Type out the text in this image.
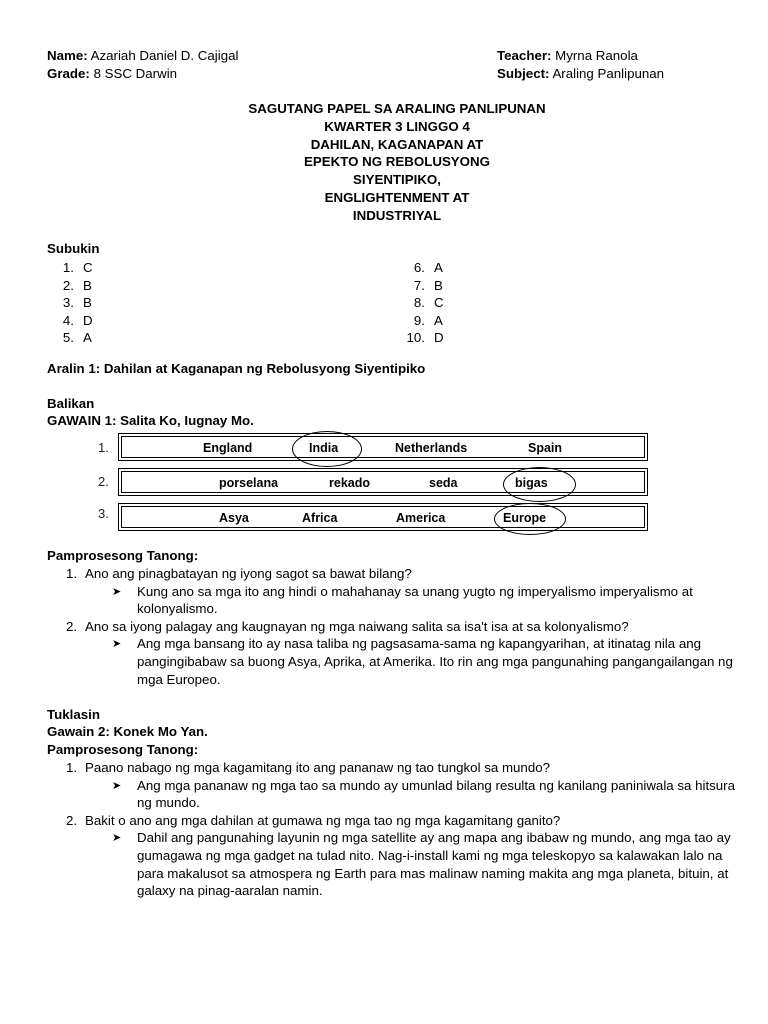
Name: Azariah Daniel D. Cajigal
Grade: 8 SSC Darwin
Teacher: Myrna Ranola
Subject: Araling Panlipunan
SAGUTANG PAPEL SA ARALING PANLIPUNAN
KWARTER 3 LINGGO 4
DAHILAN, KAGANAPAN AT
EPEKTO NG REBOLUSYONG
SIYENTIPIKO,
ENGLIGHTENMENT AT
INDUSTRIYAL
Subukin
1. C
2. B
3. B
4. D
5. A
6. A
7. B
8. C
9. A
10. D
Aralin 1: Dahilan at Kaganapan ng Rebolusyong Siyentipiko
Balikan
GAWAIN 1: Salita Ko, Iugnay Mo.
1.	England	India	Netherlands	Spain
2.	porselana	rekado	seda	bigas
3.	Asya	Africa	America	Europe
Pamprosesong Tanong:
1. Ano ang pinagbatayan ng iyong sagot sa bawat bilang?
➤	Kung ano sa mga ito ang hindi o mahahanay sa unang yugto ng imperyalismo imperyalismo at kolonyalismo.
2. Ano sa iyong palagay ang kaugnayan ng mga naiwang salita sa isa't isa at sa kolonyalismo?
➤	Ang mga bansang ito ay nasa taliba ng pagsasama-sama ng kapangyarihan, at itinatag nila ang pangingibabaw sa buong Asya, Aprika, at Amerika. Ito rin ang mga pangunahing pangangailangan ng mga Europeo.
Tuklasin
Gawain 2: Konek Mo Yan.
Pamprosesong Tanong:
1. Paano nabago ng mga kagamitang ito ang pananaw ng tao tungkol sa mundo?
➤	Ang mga pananaw ng mga tao sa mundo ay umunlad bilang resulta ng kanilang paniniwala sa hitsura ng mundo.
2. Bakit o ano ang mga dahilan at gumawa ng mga tao ng mga kagamitang ganito?
➤	Dahil ang pangunahing layunin ng mga satellite ay ang mapa ang ibabaw ng mundo, ang mga tao ay gumagawa ng mga gadget na tulad nito. Nag-i-install kami ng mga teleskopyo sa kalawakan lalo na para makalusot sa atmospera ng Earth para mas malinaw naming makita ang mga planeta, bituin, at galaxy na pinag-aaralan namin.
